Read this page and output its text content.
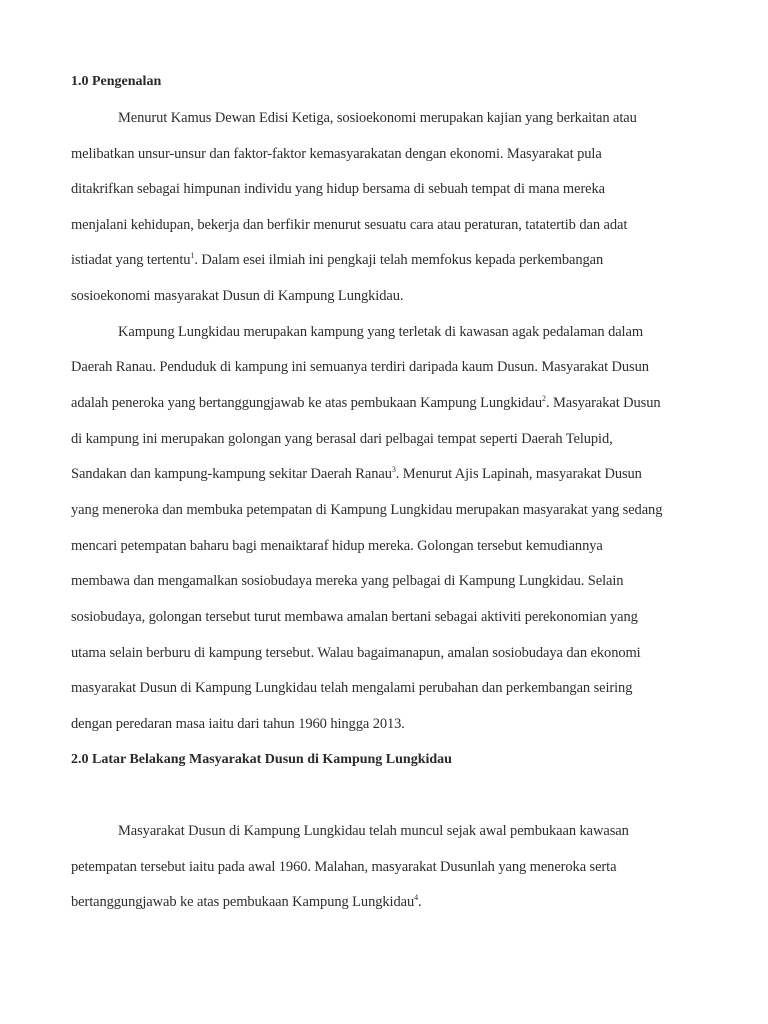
1.0 Pengenalan
Menurut Kamus Dewan Edisi Ketiga, sosioekonomi merupakan kajian yang berkaitan atau
melibatkan unsur-unsur dan faktor-faktor kemasyarakatan dengan ekonomi. Masyarakat pula
ditakrifkan sebagai himpunan individu yang hidup bersama di sebuah tempat di mana mereka
menjalani kehidupan, bekerja dan berfikir menurut sesuatu cara atau peraturan, tatatertib dan adat
istiadat yang tertentu$^1$. Dalam esei ilmiah ini pengkaji telah memfokus kepada perkembangan
sosioekonomi masyarakat Dusun di Kampung Lungkidau.
Kampung Lungkidau merupakan kampung yang terletak di kawasan agak pedalaman dalam
Daerah Ranau. Penduduk di kampung ini semuanya terdiri daripada kaum Dusun. Masyarakat Dusun
adalah peneroka yang bertanggungjawab ke atas pembukaan Kampung Lungkidau$^2$. Masyarakat Dusun
di kampung ini merupakan golongan yang berasal dari pelbagai tempat seperti Daerah Telupid,
Sandakan dan kampung-kampung sekitar Daerah Ranau$^3$. Menurut Ajis Lapinah, masyarakat Dusun
yang meneroka dan membuka petempatan di Kampung Lungkidau merupakan masyarakat yang sedang
mencari petempatan baharu bagi menaiktaraf hidup mereka. Golongan tersebut kemudiannya
membawa dan mengamalkan sosiobudaya mereka yang pelbagai di Kampung Lungkidau. Selain
sosiobudaya, golongan tersebut turut membawa amalan bertani sebagai aktiviti perekonomian yang
utama selain berburu di kampung tersebut. Walau bagaimanapun, amalan sosiobudaya dan ekonomi
masyarakat Dusun di Kampung Lungkidau telah mengalami perubahan dan perkembangan seiring
dengan peredaran masa iaitu dari tahun 1960 hingga 2013.
2.0 Latar Belakang Masyarakat Dusun di Kampung Lungkidau
Masyarakat Dusun di Kampung Lungkidau telah muncul sejak awal pembukaan kawasan
petempatan tersebut iaitu pada awal 1960. Malahan, masyarakat Dusunlah yang meneroka serta
bertanggungjawab ke atas pembukaan Kampung Lungkidau$^4$.
